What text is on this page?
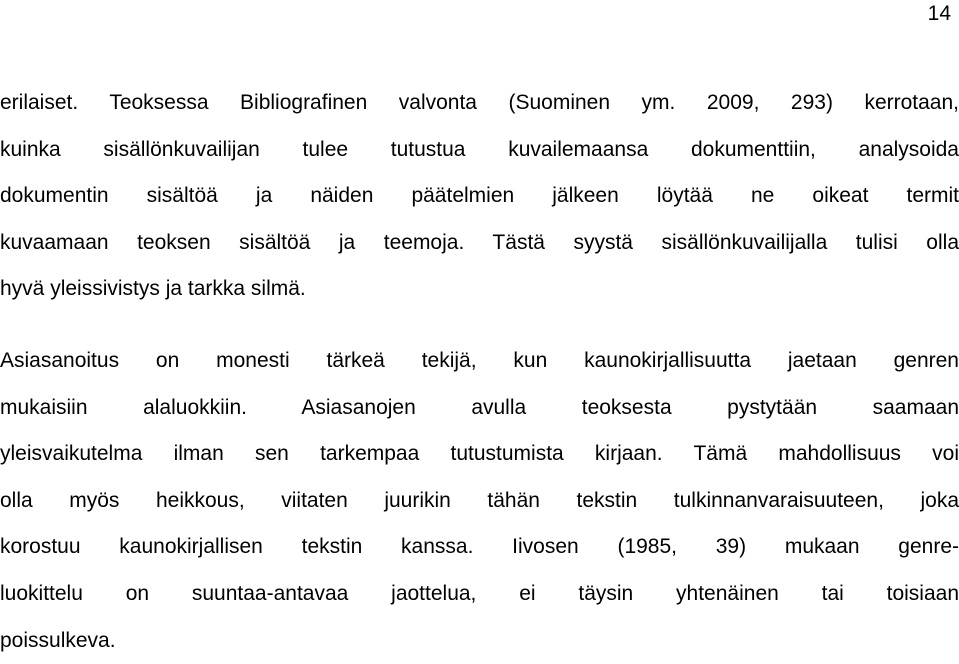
14
erilaiset. Teoksessa Bibliografinen valvonta (Suominen ym. 2009, 293) kerrotaan,
kuinka sisällönkuvailijan tulee tutustua kuvailemaansa dokumenttiin, analysoida
dokumentin sisältöä ja näiden päätelmien jälkeen löytää ne oikeat termit
kuvaamaan teoksen sisältöä ja teemoja. Tästä syystä sisällönkuvailijalla tulisi olla
hyvä yleissivistys ja tarkka silmä.
Asiasanoitus on monesti tärkeä tekijä, kun kaunokirjallisuutta jaetaan genren
mukaisiin alaluokkiin. Asiasanojen avulla teoksesta pystytään saamaan
yleisvaikutelma ilman sen tarkempaa tutustumista kirjaan. Tämä mahdollisuus voi
olla myös heikkous, viitaten juurikin tähän tekstin tulkinnanvaraisuuteen, joka
korostuu kaunokirjallisen tekstin kanssa. Iivosen (1985, 39) mukaan genre-
luokittelu on suuntaa-antavaa jaottelua, ei täysin yhtenäinen tai toisiaan
poissulkeva.
